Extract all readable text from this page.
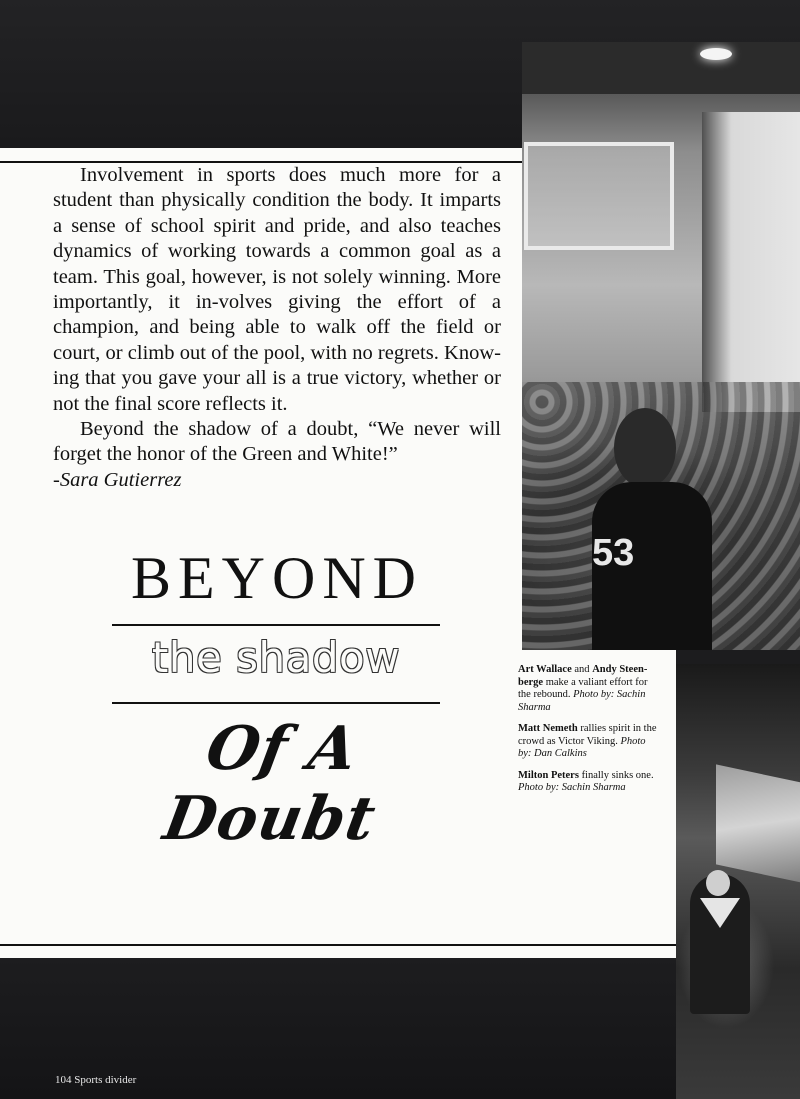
53

Involvement in sports does much more for a student than physically condition the body. It imparts a sense of school spirit and pride, and also teaches dynamics of working towards a common goal as a team. This goal, however, is not solely winning. More importantly, it in-volves giving the effort of a champion, and being able to walk off the field or court, or climb out of the pool, with no regrets. Know-ing that you gave your all is a true victory, whether or not the final score reflects it.

Beyond the shadow of a doubt, “We never will forget the honor of the Green and White!”

-Sara Gutierrez

BEYOND
the shadow
Of A Doubt

Art Wallace and Andy Steen-berge make a valiant effort for the rebound. Photo by: Sachin Sharma

Matt Nemeth rallies spirit in the crowd as Victor Viking. Photo by: Dan Calkins

Milton Peters finally sinks one. Photo by: Sachin Sharma

104 Sports divider
